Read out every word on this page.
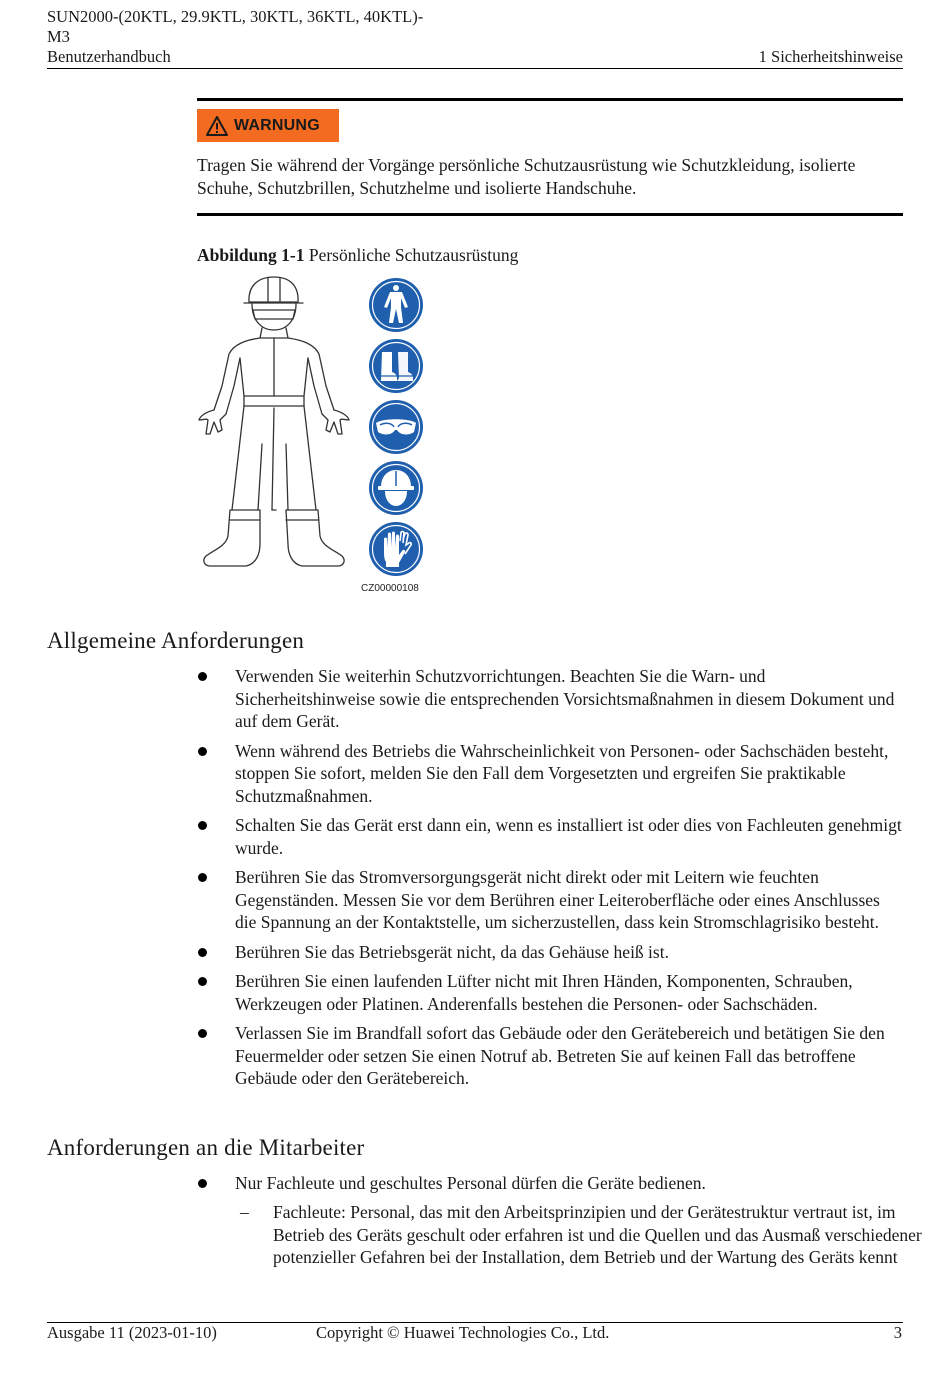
SUN2000-(20KTL, 29.9KTL, 30KTL, 36KTL, 40KTL)-
M3
Benutzerhandbuch	1 Sicherheitshinweise
WARNUNG
Tragen Sie während der Vorgänge persönliche Schutzausrüstung wie Schutzkleidung, isolierte Schuhe, Schutzbrillen, Schutzhelme und isolierte Handschuhe.
Abbildung 1-1 Persönliche Schutzausrüstung
CZ00000108
Allgemeine Anforderungen
Verwenden Sie weiterhin Schutzvorrichtungen. Beachten Sie die Warn- und Sicherheitshinweise sowie die entsprechenden Vorsichtsmaßnahmen in diesem Dokument und auf dem Gerät.
Wenn während des Betriebs die Wahrscheinlichkeit von Personen- oder Sachschäden besteht, stoppen Sie sofort, melden Sie den Fall dem Vorgesetzten und ergreifen Sie praktikable Schutzmaßnahmen.
Schalten Sie das Gerät erst dann ein, wenn es installiert ist oder dies von Fachleuten genehmigt wurde.
Berühren Sie das Stromversorgungsgerät nicht direkt oder mit Leitern wie feuchten Gegenständen. Messen Sie vor dem Berühren einer Leiteroberfläche oder eines Anschlusses die Spannung an der Kontaktstelle, um sicherzustellen, dass kein Stromschlagrisiko besteht.
Berühren Sie das Betriebsgerät nicht, da das Gehäuse heiß ist.
Berühren Sie einen laufenden Lüfter nicht mit Ihren Händen, Komponenten, Schrauben, Werkzeugen oder Platinen. Anderenfalls bestehen die Personen- oder Sachschäden.
Verlassen Sie im Brandfall sofort das Gebäude oder den Gerätebereich und betätigen Sie den Feuermelder oder setzen Sie einen Notruf ab. Betreten Sie auf keinen Fall das betroffene Gebäude oder den Gerätebereich.
Anforderungen an die Mitarbeiter
Nur Fachleute und geschultes Personal dürfen die Geräte bedienen.
– Fachleute: Personal, das mit den Arbeitsprinzipien und der Gerätestruktur vertraut ist, im Betrieb des Geräts geschult oder erfahren ist und die Quellen und das Ausmaß verschiedener potenzieller Gefahren bei der Installation, dem Betrieb und der Wartung des Geräts kennt
Ausgabe 11 (2023-01-10)	Copyright © Huawei Technologies Co., Ltd.	3
